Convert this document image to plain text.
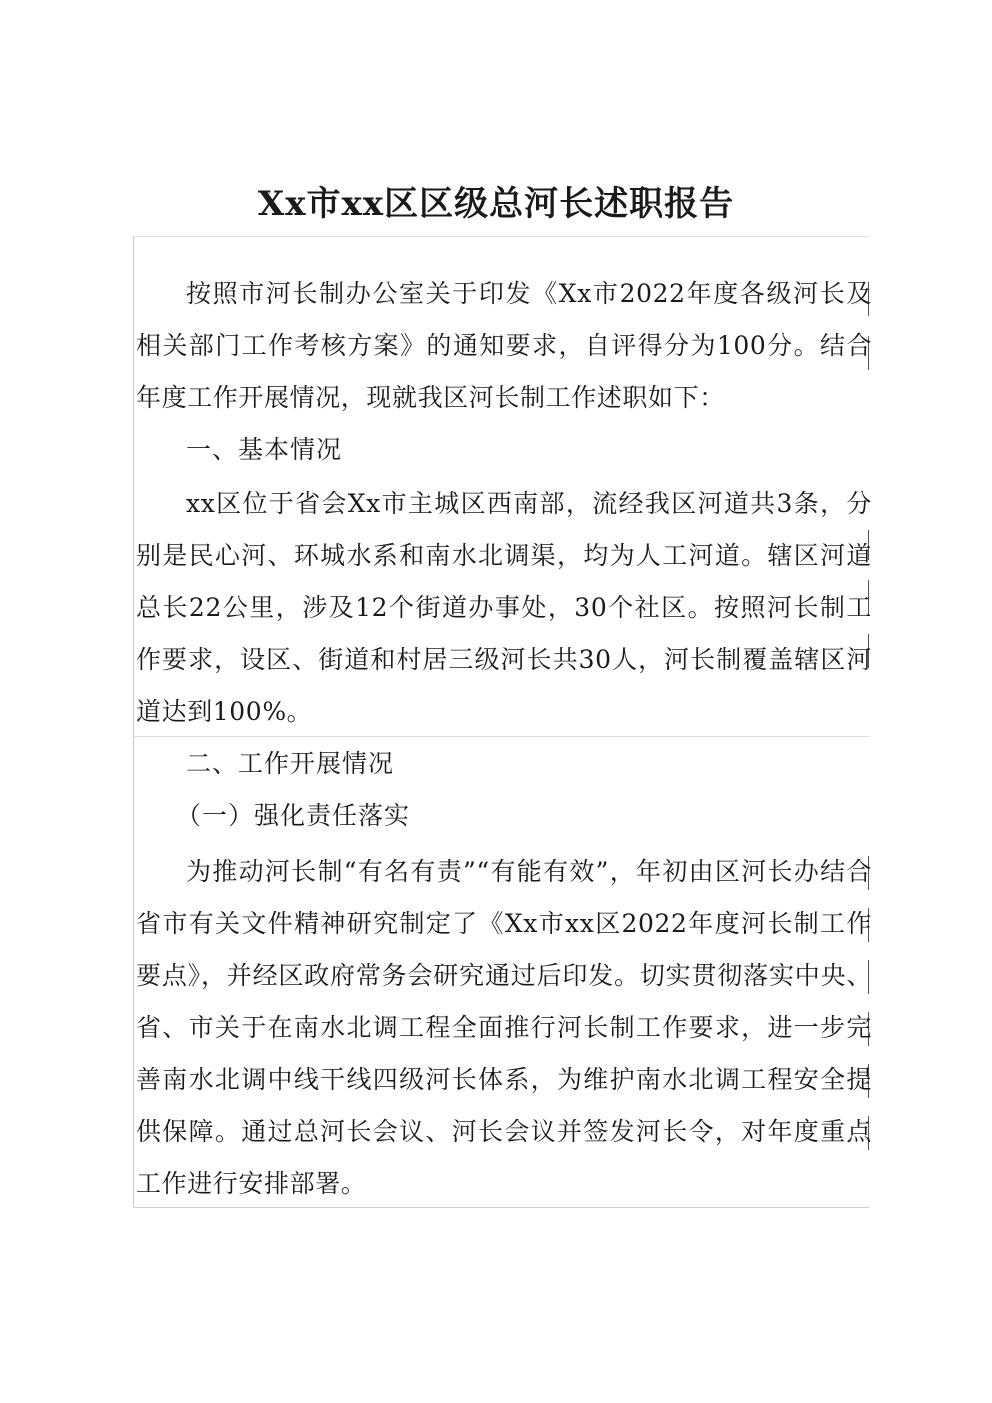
Xx市xx区区级总河长述职报告

按照市河长制办公室关于印发《Xx市2022年度各级河长及相关部门工作考核方案》的通知要求，自评得分为100分。结合年度工作开展情况，现就我区河长制工作述职如下：

一、基本情况

xx区位于省会Xx市主城区西南部，流经我区河道共3条，分别是民心河、环城水系和南水北调渠，均为人工河道。辖区河道总长22公里，涉及12个街道办事处，30个社区。按照河长制工作要求，设区、街道和村居三级河长共30人，河长制覆盖辖区河道达到100%。

二、工作开展情况

（一）强化责任落实

为推动河长制“有名有责”“有能有效”，年初由区河长办结合省市有关文件精神研究制定了《Xx市xx区2022年度河长制工作要点》，并经区政府常务会研究通过后印发。切实贯彻落实中央、省、市关于在南水北调工程全面推行河长制工作要求，进一步完善南水北调中线干线四级河长体系，为维护南水北调工程安全提供保障。通过总河长会议、河长会议并签发河长令，对年度重点工作进行安排部署。
